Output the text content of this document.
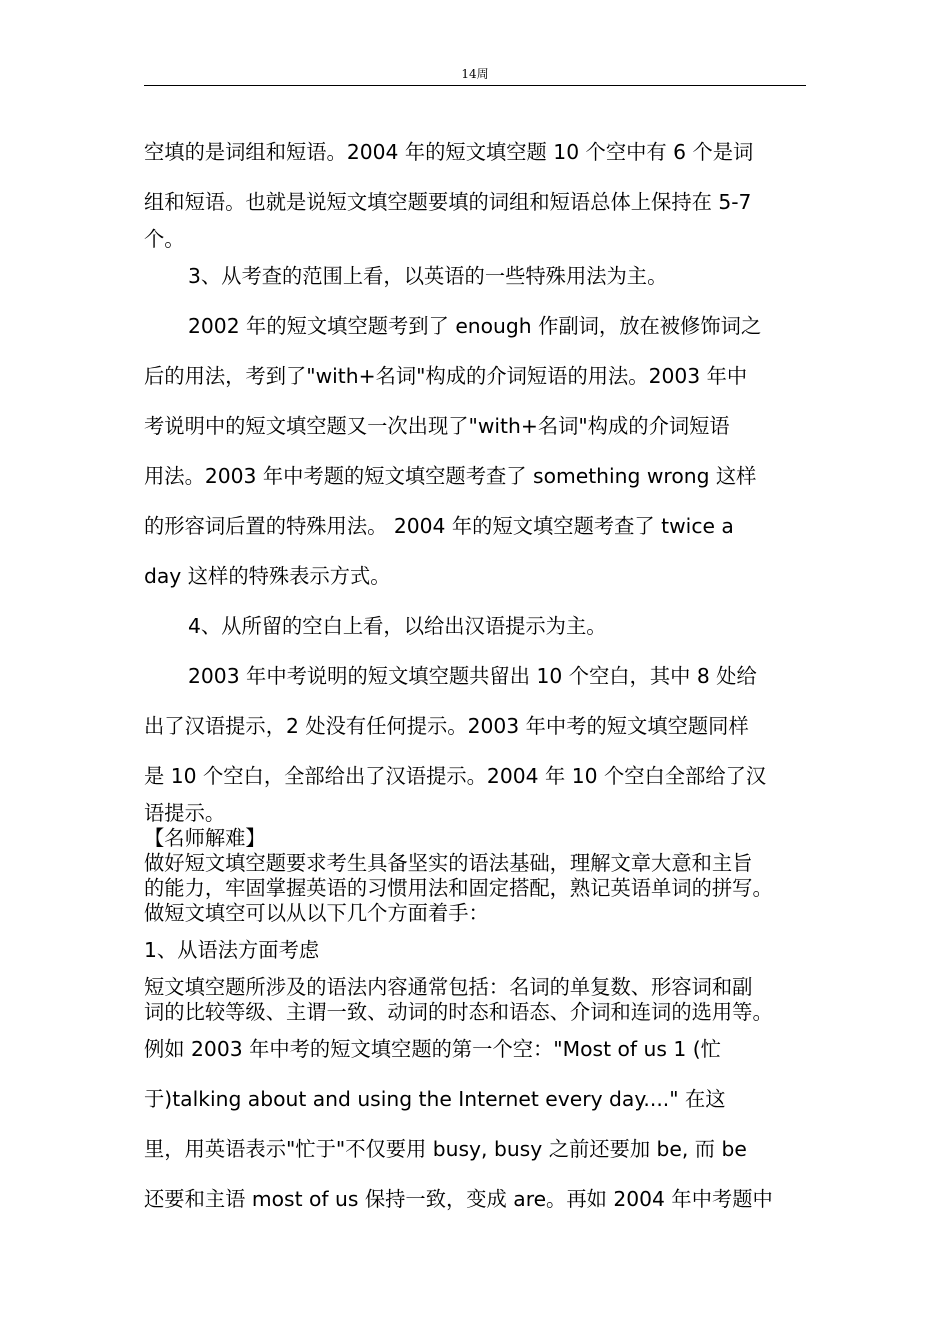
14周

空填的是词组和短语。2004 年的短文填空题 10 个空中有 6 个是词

组和短语。也就是说短文填空题要填的词组和短语总体上保持在 5-7

个。

3、从考查的范围上看，以英语的一些特殊用法为主。

2002 年的短文填空题考到了 enough 作副词，放在被修饰词之

后的用法，考到了"with+名词"构成的介词短语的用法。2003 年中

考说明中的短文填空题又一次出现了"with+名词"构成的介词短语

用法。2003 年中考题的短文填空题考查了 something wrong 这样

的形容词后置的特殊用法。 2004 年的短文填空题考查了 twice a

day 这样的特殊表示方式。

4、从所留的空白上看，以给出汉语提示为主。

2003 年中考说明的短文填空题共留出 10 个空白，其中 8 处给

出了汉语提示，2 处没有任何提示。2003 年中考的短文填空题同样

是 10 个空白，全部给出了汉语提示。2004 年 10 个空白全部给了汉

语提示。

【名师解难】

做好短文填空题要求考生具备坚实的语法基础，理解文章大意和主旨

的能力，牢固掌握英语的习惯用法和固定搭配，熟记英语单词的拼写。

做短文填空可以从以下几个方面着手：

1、从语法方面考虑

短文填空题所涉及的语法内容通常包括：名词的单复数、形容词和副

词的比较等级、主谓一致、动词的时态和语态、介词和连词的选用等。

例如 2003 年中考的短文填空题的第一个空："Most of us 1 (忙

于)talking about and using the Internet every day...." 在这

里，用英语表示"忙于"不仅要用 busy, busy 之前还要加 be, 而 be

还要和主语 most of us 保持一致，变成 are。再如 2004 年中考题中
